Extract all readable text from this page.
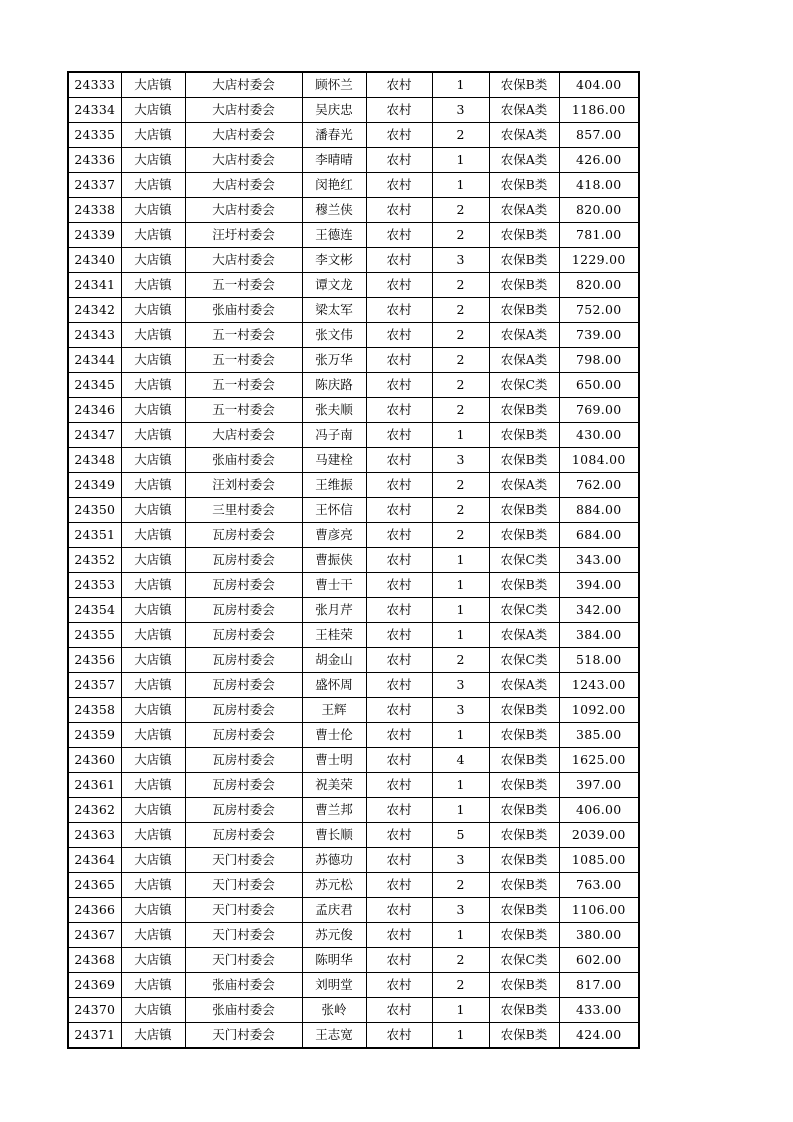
24333	大店镇	大店村委会	顾怀兰	农村	1	农保B类	404.00
24334	大店镇	大店村委会	吴庆忠	农村	3	农保A类	1186.00
24335	大店镇	大店村委会	潘春光	农村	2	农保A类	857.00
24336	大店镇	大店村委会	李晴晴	农村	1	农保A类	426.00
24337	大店镇	大店村委会	闵艳红	农村	1	农保B类	418.00
24338	大店镇	大店村委会	穆兰侠	农村	2	农保A类	820.00
24339	大店镇	汪圩村委会	王德连	农村	2	农保B类	781.00
24340	大店镇	大店村委会	李文彬	农村	3	农保B类	1229.00
24341	大店镇	五一村委会	谭文龙	农村	2	农保B类	820.00
24342	大店镇	张庙村委会	梁太军	农村	2	农保B类	752.00
24343	大店镇	五一村委会	张文伟	农村	2	农保A类	739.00
24344	大店镇	五一村委会	张万华	农村	2	农保A类	798.00
24345	大店镇	五一村委会	陈庆路	农村	2	农保C类	650.00
24346	大店镇	五一村委会	张夫顺	农村	2	农保B类	769.00
24347	大店镇	大店村委会	冯子南	农村	1	农保B类	430.00
24348	大店镇	张庙村委会	马建栓	农村	3	农保B类	1084.00
24349	大店镇	汪刘村委会	王维振	农村	2	农保A类	762.00
24350	大店镇	三里村委会	王怀信	农村	2	农保B类	884.00
24351	大店镇	瓦房村委会	曹彦亮	农村	2	农保B类	684.00
24352	大店镇	瓦房村委会	曹振侠	农村	1	农保C类	343.00
24353	大店镇	瓦房村委会	曹士干	农村	1	农保B类	394.00
24354	大店镇	瓦房村委会	张月芹	农村	1	农保C类	342.00
24355	大店镇	瓦房村委会	王桂荣	农村	1	农保A类	384.00
24356	大店镇	瓦房村委会	胡金山	农村	2	农保C类	518.00
24357	大店镇	瓦房村委会	盛怀周	农村	3	农保A类	1243.00
24358	大店镇	瓦房村委会	王辉	农村	3	农保B类	1092.00
24359	大店镇	瓦房村委会	曹士伦	农村	1	农保B类	385.00
24360	大店镇	瓦房村委会	曹士明	农村	4	农保B类	1625.00
24361	大店镇	瓦房村委会	祝美荣	农村	1	农保B类	397.00
24362	大店镇	瓦房村委会	曹兰邦	农村	1	农保B类	406.00
24363	大店镇	瓦房村委会	曹长顺	农村	5	农保B类	2039.00
24364	大店镇	天门村委会	苏德功	农村	3	农保B类	1085.00
24365	大店镇	天门村委会	苏元松	农村	2	农保B类	763.00
24366	大店镇	天门村委会	孟庆君	农村	3	农保B类	1106.00
24367	大店镇	天门村委会	苏元俊	农村	1	农保B类	380.00
24368	大店镇	天门村委会	陈明华	农村	2	农保C类	602.00
24369	大店镇	张庙村委会	刘明堂	农村	2	农保B类	817.00
24370	大店镇	张庙村委会	张岭	农村	1	农保B类	433.00
24371	大店镇	天门村委会	王志宽	农村	1	农保B类	424.00
